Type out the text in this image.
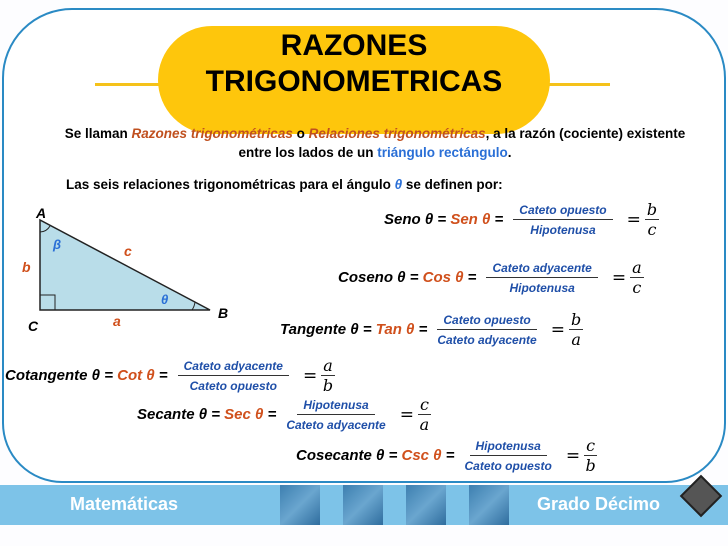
RAZONES
TRIGONOMETRICAS
Se llaman Razones trigonométricas o Relaciones trigonométricas, a la razón (cociente) existente entre los lados de un triángulo rectángulo.
Las seis relaciones trigonométricas para el ángulo θ se definen por:
A
B
C
b
c
a
β
θ
Seno θ = Sen $\theta = \frac{\text{Cateto opuesto}}{\text{Hipotenusa}} = \frac{b}{c}$
Coseno θ = Cos $\theta = \frac{\text{Cateto adyacente}}{\text{Hipotenusa}} = \frac{a}{c}$
Tangente θ = Tan $\theta = \frac{\text{Cateto opuesto}}{\text{Cateto adyacente}} = \frac{b}{a}$
Cotangente θ = Cot $\theta = \frac{\text{Cateto adyacente}}{\text{Cateto opuesto}} = \frac{a}{b}$
Secante θ = Sec $\theta = \frac{\text{Hipotenusa}}{\text{Cateto adyacente}} = \frac{c}{a}$
Cosecante θ = Csc $\theta = \frac{\text{Hipotenusa}}{\text{Cateto opuesto}} = \frac{c}{b}$
Matemáticas	Grado Décimo
